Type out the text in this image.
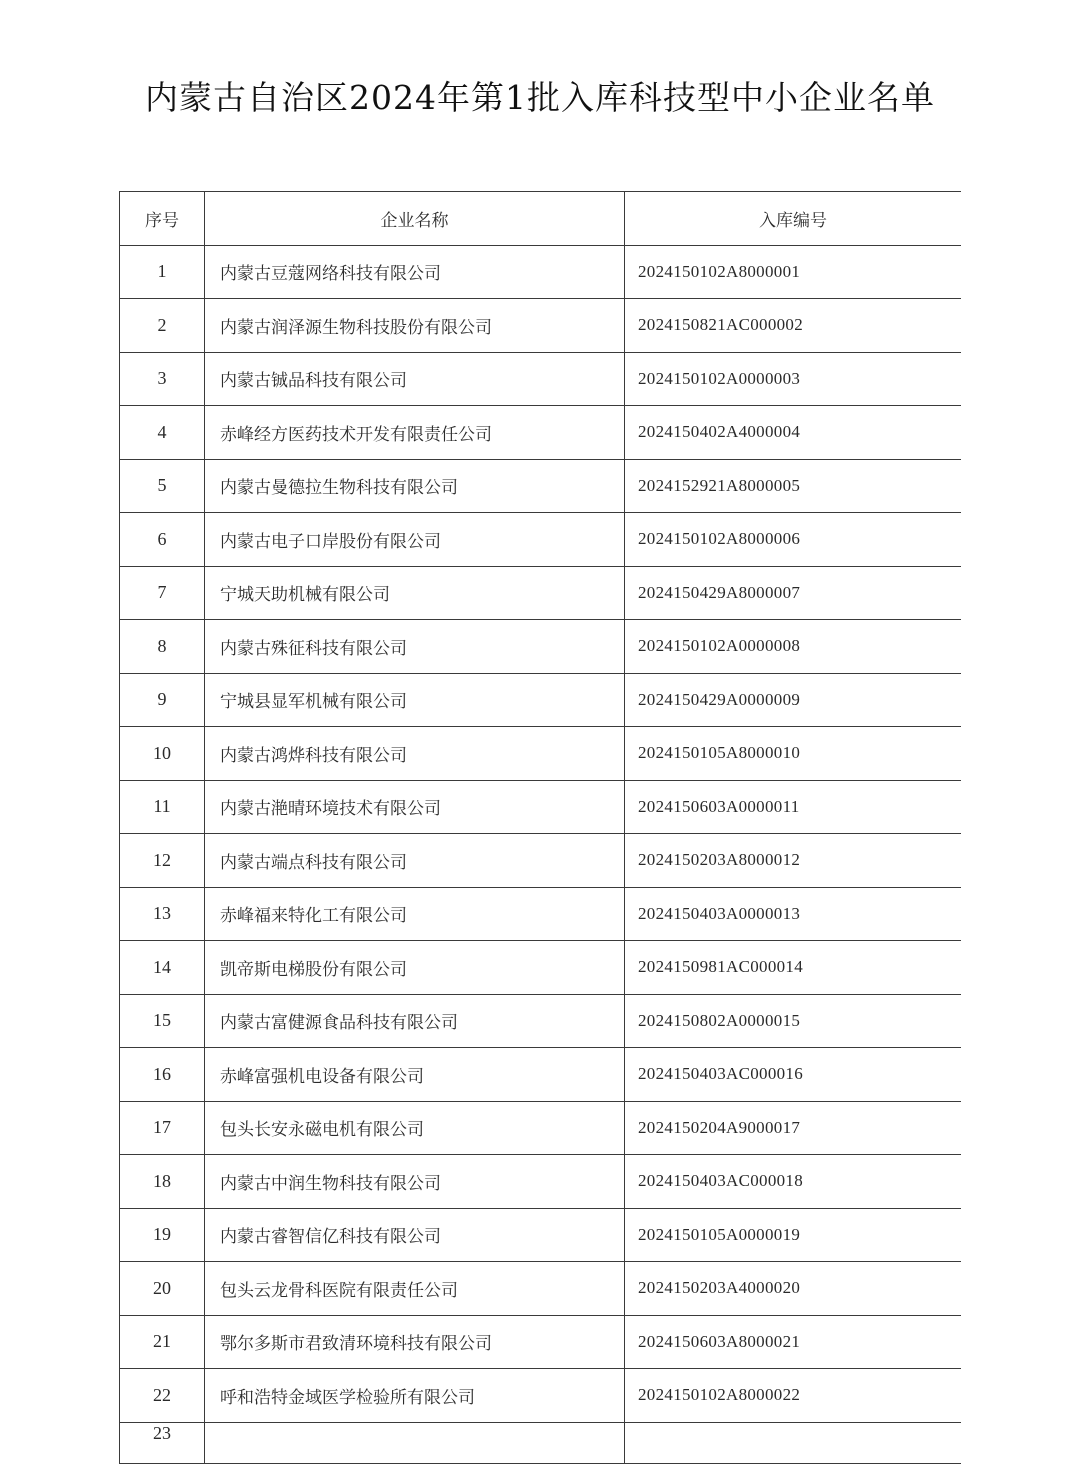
内蒙古自治区2024年第1批入库科技型中小企业名单
序号	企业名称	入库编号
1	内蒙古豆蔻网络科技有限公司	2024150102A8000001
2	内蒙古润泽源生物科技股份有限公司	2024150821AC000002
3	内蒙古铖品科技有限公司	2024150102A0000003
4	赤峰经方医药技术开发有限责任公司	2024150402A4000004
5	内蒙古曼德拉生物科技有限公司	2024152921A8000005
6	内蒙古电子口岸股份有限公司	2024150102A8000006
7	宁城天助机械有限公司	2024150429A8000007
8	内蒙古殊征科技有限公司	2024150102A0000008
9	宁城县显军机械有限公司	2024150429A0000009
10	内蒙古鸿烨科技有限公司	2024150105A8000010
11	内蒙古滟晴环境技术有限公司	2024150603A0000011
12	内蒙古端点科技有限公司	2024150203A8000012
13	赤峰福来特化工有限公司	2024150403A0000013
14	凯帝斯电梯股份有限公司	2024150981AC000014
15	内蒙古富健源食品科技有限公司	2024150802A0000015
16	赤峰富强机电设备有限公司	2024150403AC000016
17	包头长安永磁电机有限公司	2024150204A9000017
18	内蒙古中润生物科技有限公司	2024150403AC000018
19	内蒙古睿智信亿科技有限公司	2024150105A0000019
20	包头云龙骨科医院有限责任公司	2024150203A4000020
21	鄂尔多斯市君致清环境科技有限公司	2024150603A8000021
22	呼和浩特金域医学检验所有限公司	2024150102A8000022
23		
